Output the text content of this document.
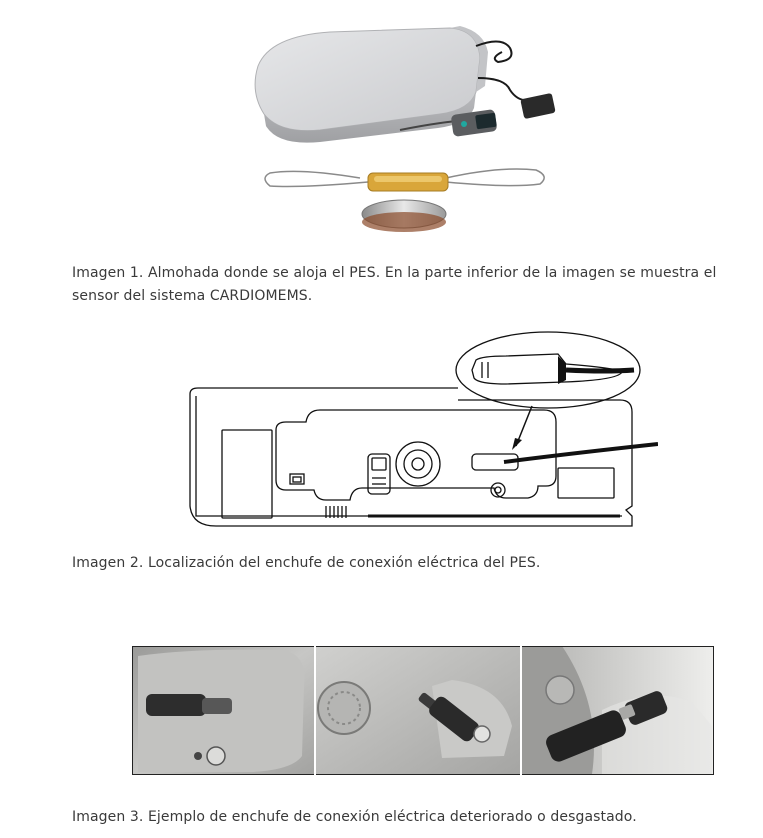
Imagen 1. Almohada donde se aloja el PES. En la parte inferior de la imagen se muestra el sensor del sistema CARDIOMEMS.
Imagen 2. Localización del enchufe de conexión eléctrica del PES.
Imagen 3. Ejemplo de enchufe de conexión eléctrica deteriorado o desgastado.
